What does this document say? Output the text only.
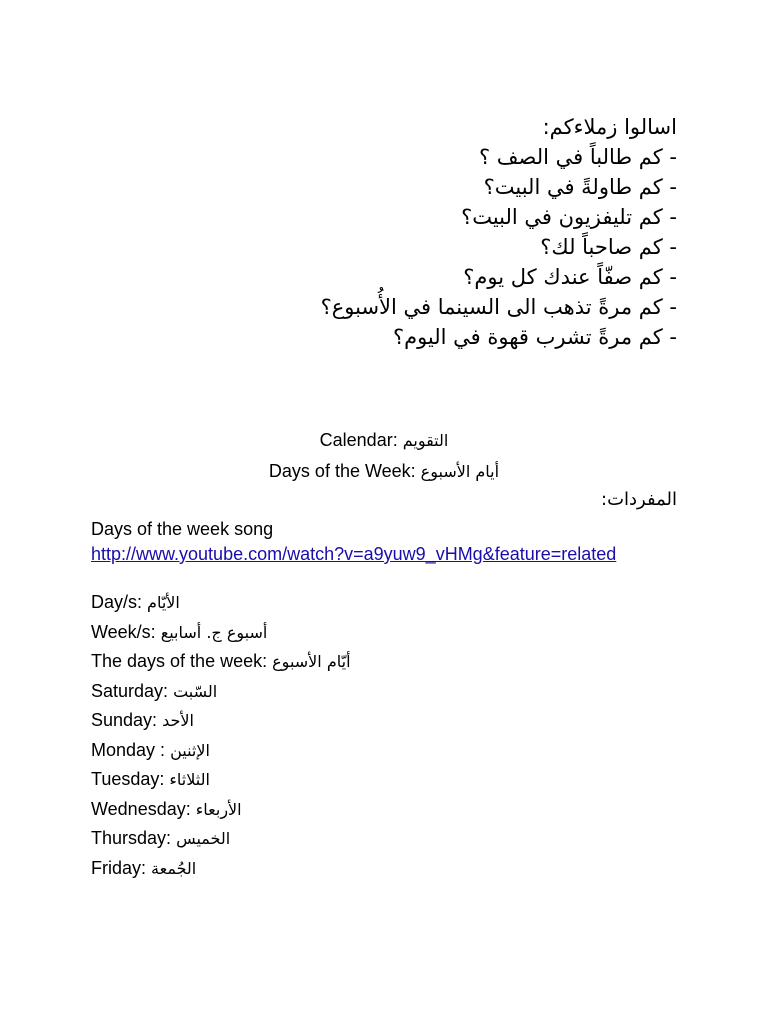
اسالوا زملاءكم:
- كم طالباً في الصف ؟
- كم طاولةً في البيت؟
- كم تليفزيون في البيت؟
- كم صاحباً لك؟
- كم صفّاً عندك كل يوم؟
- كم مرةً تذهب الى السينما في الأُسبوع؟
- كم مرةً تشرب قهوة في اليوم؟
Calendar: التقويم
Days of the Week: أيام الأسبوع
المفردات:
Days of the week song
http://www.youtube.com/watch?v=a9yuw9_vHMg&feature=related
Day/s: الأيّام
Week/s: أسبوع ج. أسابيع
The days of the week: أيّام الأسبوع
Saturday: السّبت
Sunday: الأحد
Monday : الإثنين
Tuesday: الثلاثاء
Wednesday: الأربعاء
Thursday: الخميس
Friday: الجُمعة
